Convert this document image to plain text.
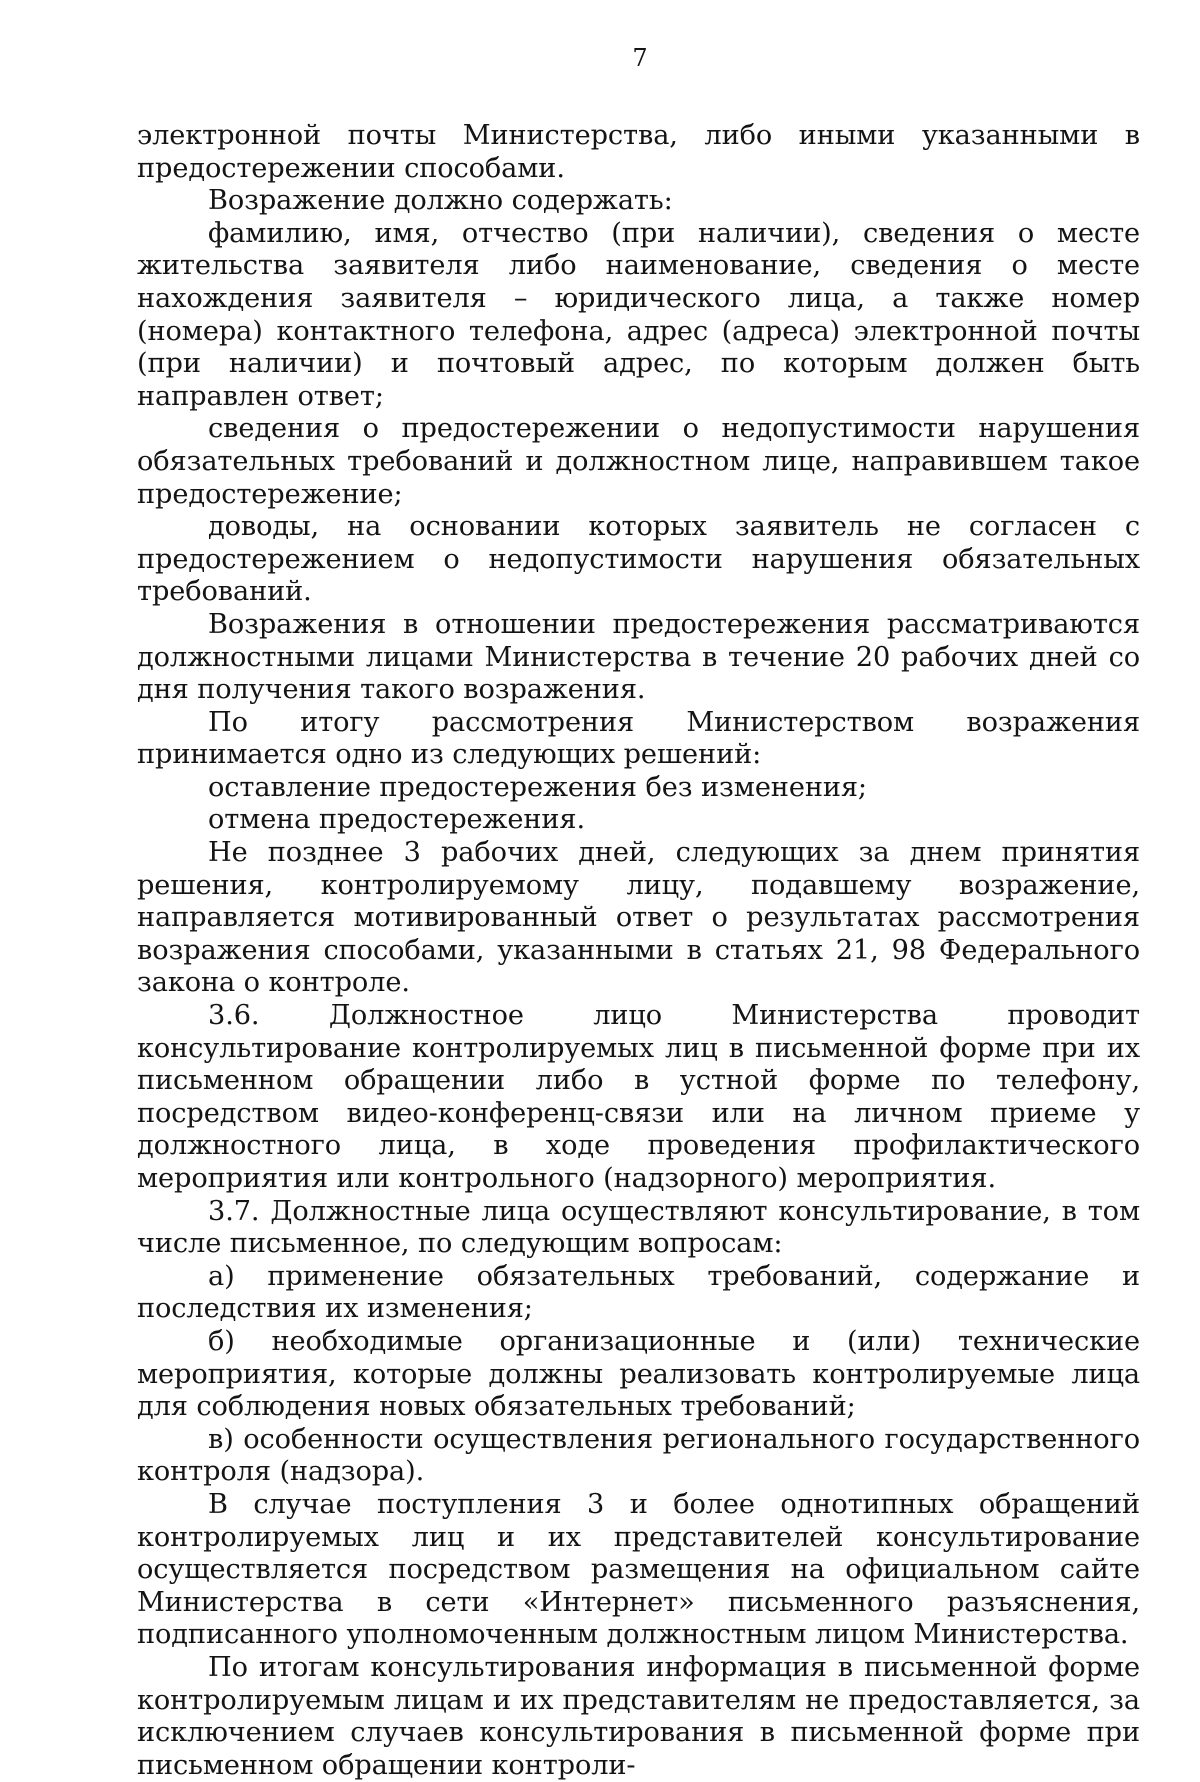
7

электронной почты Министерства, либо иными указанными в предостережении способами.

Возражение должно содержать:

фамилию, имя, отчество (при наличии), сведения о месте жительства заявителя либо наименование, сведения о месте нахождения заявителя – юридического лица, а также номер (номера) контактного телефона, адрес (адреса) электронной почты (при наличии) и почтовый адрес, по которым должен быть направлен ответ;

сведения о предостережении о недопустимости нарушения обязательных требований и должностном лице, направившем такое предостережение;

доводы, на основании которых заявитель не согласен с предостережением о недопустимости нарушения обязательных требований.

Возражения в отношении предостережения рассматриваются должностными лицами Министерства в течение 20 рабочих дней со дня получения такого возражения.

По итогу рассмотрения Министерством возражения принимается одно из следующих решений:

оставление предостережения без изменения;

отмена предостережения.

Не позднее 3 рабочих дней, следующих за днем принятия решения, контролируемому лицу, подавшему возражение, направляется мотивированный ответ о результатах рассмотрения возражения способами, указанными в статьях 21, 98 Федерального закона о контроле.

3.6. Должностное лицо Министерства проводит консультирование контролируемых лиц в письменной форме при их письменном обращении либо в устной форме по телефону, посредством видео-конференц-связи или на личном приеме у должностного лица, в ходе проведения профилактического мероприятия или контрольного (надзорного) мероприятия.

3.7. Должностные лица осуществляют консультирование, в том числе письменное, по следующим вопросам:

а) применение обязательных требований, содержание и последствия их изменения;

б) необходимые организационные и (или) технические мероприятия, которые должны реализовать контролируемые лица для соблюдения новых обязательных требований;

в) особенности осуществления регионального государственного контроля (надзора).

В случае поступления 3 и более однотипных обращений контролируемых лиц и их представителей консультирование осуществляется посредством размещения на официальном сайте Министерства в сети «Интернет» письменного разъяснения, подписанного уполномоченным должностным лицом Министерства.

По итогам консультирования информация в письменной форме контролируемым лицам и их представителям не предоставляется, за исключением случаев консультирования в письменной форме при письменном обращении контроли-
